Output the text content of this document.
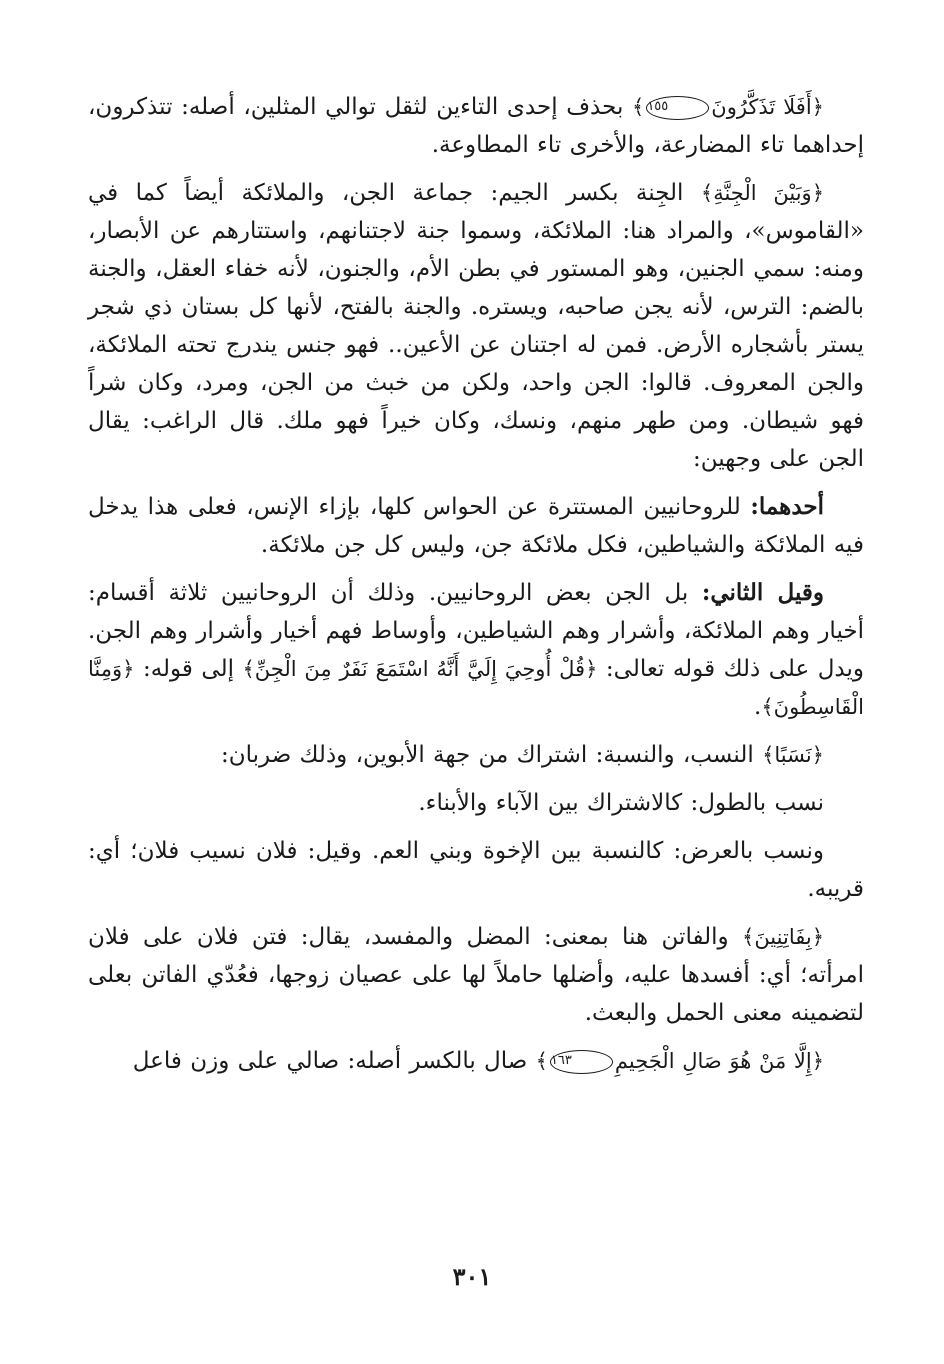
﴿أَفَلَا تَذَكَّرُونَ١٥٥﴾ بحذف إحدى التاءين لثقل توالي المثلين، أصله: تتذكرون، إحداهما تاء المضارعة، والأخرى تاء المطاوعة.

﴿وَبَيْنَ الْجِنَّةِ﴾ الجِنة بكسر الجيم: جماعة الجن، والملائكة أيضاً كما في «القاموس»، والمراد هنا: الملائكة، وسموا جنة لاجتنانهم، واستتارهم عن الأبصار، ومنه: سمي الجنين، وهو المستور في بطن الأم، والجنون، لأنه خفاء العقل، والجنة بالضم: الترس، لأنه يجن صاحبه، ويستره. والجنة بالفتح، لأنها كل بستان ذي شجر يستر بأشجاره الأرض. فمن له اجتنان عن الأعين.. فهو جنس يندرج تحته الملائكة، والجن المعروف. قالوا: الجن واحد، ولكن من خبث من الجن، ومرد، وكان شراً فهو شيطان. ومن طهر منهم، ونسك، وكان خيراً فهو ملك. قال الراغب: يقال الجن على وجهين:

أحدهما: للروحانيين المستترة عن الحواس كلها، بإزاء الإنس، فعلى هذا يدخل فيه الملائكة والشياطين، فكل ملائكة جن، وليس كل جن ملائكة.

وقيل الثاني: بل الجن بعض الروحانيين. وذلك أن الروحانيين ثلاثة أقسام: أخيار وهم الملائكة، وأشرار وهم الشياطين، وأوساط فهم أخيار وأشرار وهم الجن. ويدل على ذلك قوله تعالى: ﴿قُلْ أُوحِيَ إِلَيَّ أَنَّهُ اسْتَمَعَ نَفَرٌ مِنَ الْجِنِّ﴾ إلى قوله: ﴿وَمِنَّا الْقَاسِطُونَ﴾.

﴿نَسَبًا﴾ النسب، والنسبة: اشتراك من جهة الأبوين، وذلك ضربان:

نسب بالطول: كالاشتراك بين الآباء والأبناء.

ونسب بالعرض: كالنسبة بين الإخوة وبني العم. وقيل: فلان نسيب فلان؛ أي: قريبه.

﴿بِفَاتِنِينَ﴾ والفاتن هنا بمعنى: المضل والمفسد، يقال: فتن فلان على فلان امرأته؛ أي: أفسدها عليه، وأضلها حاملاً لها على عصيان زوجها، فعُدّي الفاتن بعلى لتضمينه معنى الحمل والبعث.

﴿إِلَّا مَنْ هُوَ صَالِ الْجَحِيمِ١٦٣﴾ صال بالكسر أصله: صالي على وزن فاعل

٣٠١
